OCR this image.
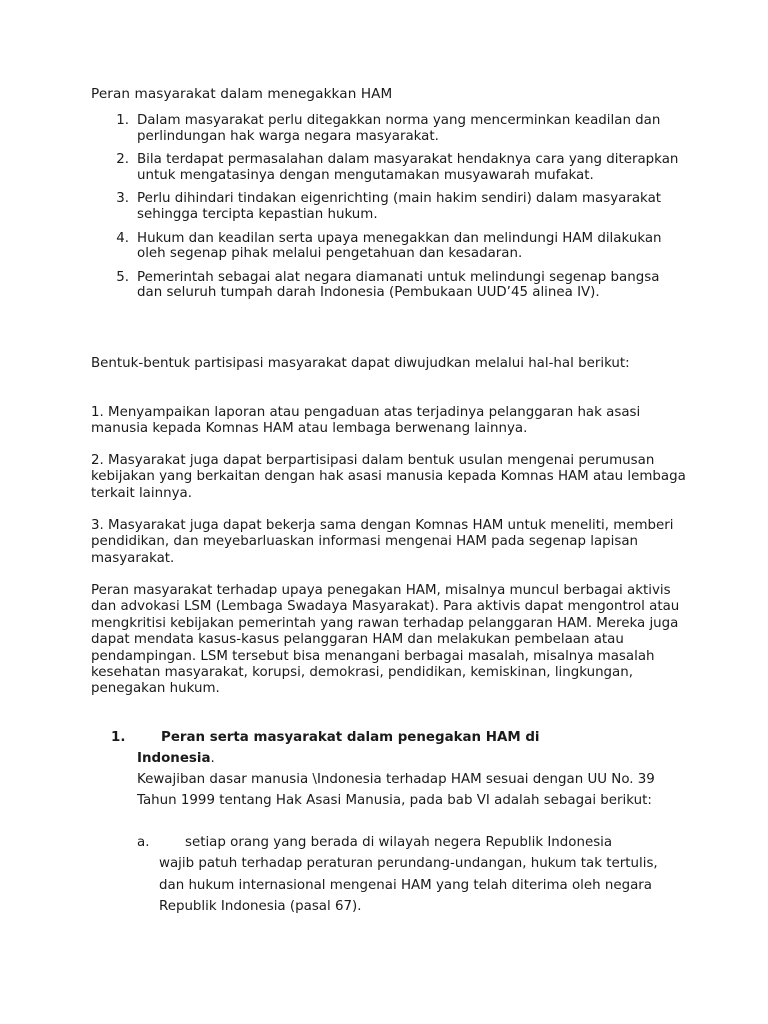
Peran masyarakat dalam menegakkan HAM
1. Dalam masyarakat perlu ditegakkan norma yang mencerminkan keadilan dan perlindungan hak warga negara masyarakat.
2. Bila terdapat permasalahan dalam masyarakat hendaknya cara yang diterapkan untuk mengatasinya dengan mengutamakan musyawarah mufakat.
3. Perlu dihindari tindakan eigenrichting (main hakim sendiri) dalam masyarakat sehingga tercipta kepastian hukum.
4. Hukum dan keadilan serta upaya menegakkan dan melindungi HAM dilakukan oleh segenap pihak melalui pengetahuan dan kesadaran.
5. Pemerintah sebagai alat negara diamanati untuk melindungi segenap bangsa dan seluruh tumpah darah Indonesia (Pembukaan UUD’45 alinea IV).

Bentuk-bentuk partisipasi masyarakat dapat diwujudkan melalui hal-hal berikut:

1. Menyampaikan laporan atau pengaduan atas terjadinya pelanggaran hak asasi manusia kepada Komnas HAM atau lembaga berwenang lainnya.

2. Masyarakat juga dapat berpartisipasi dalam bentuk usulan mengenai perumusan kebijakan yang berkaitan dengan hak asasi manusia kepada Komnas HAM atau lembaga terkait lainnya.

3. Masyarakat juga dapat bekerja sama dengan Komnas HAM untuk meneliti, memberi pendidikan, dan meyebarluaskan informasi mengenai HAM pada segenap lapisan masyarakat.

Peran masyarakat terhadap upaya penegakan HAM, misalnya muncul berbagai aktivis dan advokasi LSM (Lembaga Swadaya Masyarakat). Para aktivis dapat mengontrol atau mengkritisi kebijakan pemerintah yang rawan terhadap pelanggaran HAM. Mereka juga dapat mendata kasus-kasus pelanggaran HAM dan melakukan pembelaan atau pendampingan. LSM tersebut bisa menangani berbagai masalah, misalnya masalah kesehatan masyarakat, korupsi, demokrasi, pendidikan, kemiskinan, lingkungan, penegakan hukum.

1.	Peran serta masyarakat dalam penegakan HAM di
Indonesia.

Kewajiban dasar manusia \Indonesia terhadap HAM sesuai dengan UU No. 39 Tahun 1999 tentang Hak Asasi Manusia, pada bab VI adalah sebagai berikut:

a.	setiap orang yang berada di wilayah negera Republik Indonesia
wajib patuh terhadap peraturan perundang-undangan, hukum tak tertulis, dan hukum internasional mengenai HAM yang telah diterima oleh negara Republik Indonesia (pasal 67).
